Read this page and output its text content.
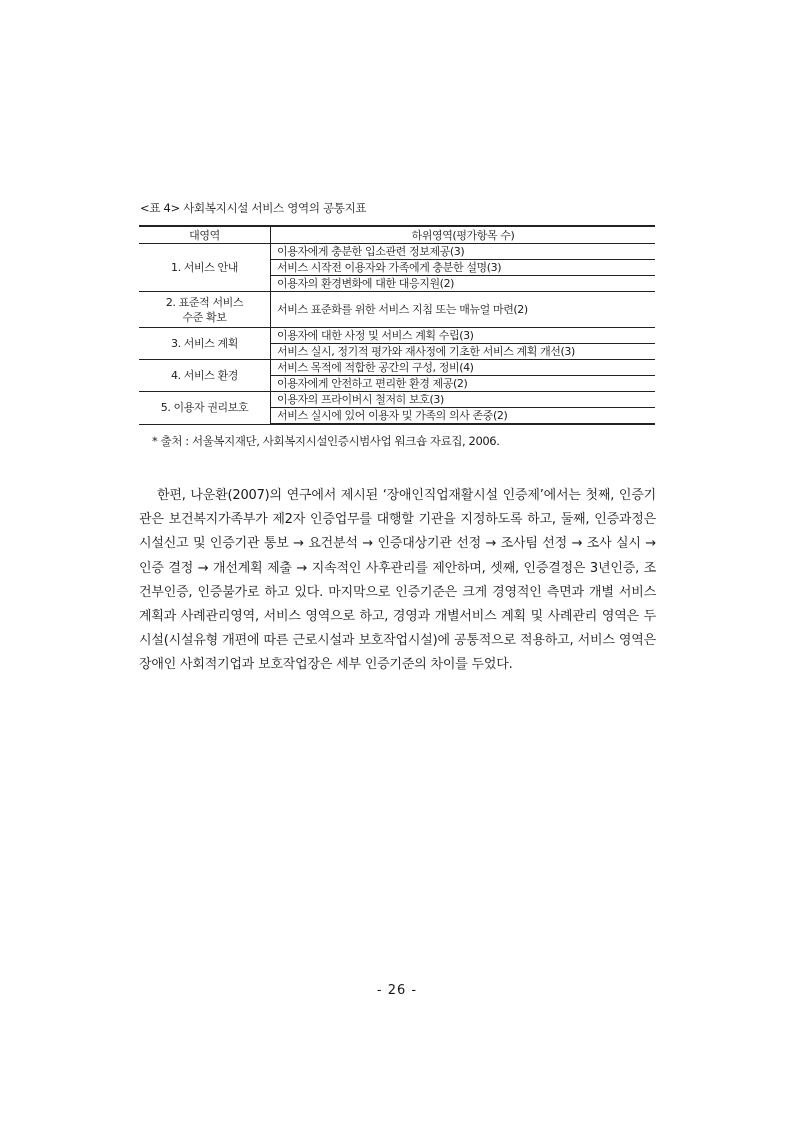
<표 4> 사회복지시설 서비스 영역의 공통지표
대영역	하위영역(평가항목 수)
1. 서비스 안내	이용자에게 충분한 입소관련 정보제공(3)
	서비스 시작전 이용자와 가족에게 충분한 설명(3)
	이용자의 환경변화에 대한 대응지원(2)

2. 표준적 서비스
수준 확보	서비스 표준화를 위한 서비스 지침 또는 매뉴얼 마련(2)
3. 서비스 계획	이용자에 대한 사정 및 서비스 계획 수립(3)
	서비스 실시, 정기적 평가와 재사정에 기초한 서비스 계획 개선(3)
4. 서비스 환경	서비스 목적에 적합한 공간의 구성, 정비(4)
	이용자에게 안전하고 편리한 환경 제공(2)
5. 이용자 권리보호	이용자의 프라이버시 철저히 보호(3)
	서비스 실시에 있어 이용자 및 가족의 의사 존중(2)
* 출처 : 서울복지재단, 사회복지시설인증시범사업 워크숍 자료집, 2006.

한편, 나운환(2007)의 연구에서 제시된 ‘장애인직업재활시설 인증제’에서는 첫째, 인증기관은 보건복지가족부가 제2자 인증업무를 대행할 기관을 지정하도록 하고, 둘째, 인증과정은 시설신고 및 인증기관 통보 → 요건분석 → 인증대상기관 선정 → 조사팀 선정 → 조사 실시 → 인증 결정 → 개선계획 제출 → 지속적인 사후관리를 제안하며, 셋째, 인증결정은 3년인증, 조건부인증, 인증불가로 하고 있다. 마지막으로 인증기준은 크게 경영적인 측면과 개별 서비스 계획과 사례관리영역, 서비스 영역으로 하고, 경영과 개별서비스 계획 및 사례관리 영역은 두 시설(시설유형 개편에 따른 근로시설과 보호작업시설)에 공통적으로 적용하고, 서비스 영역은 장애인 사회적기업과 보호작업장은 세부 인증기준의 차이를 두었다.

- 26 -
